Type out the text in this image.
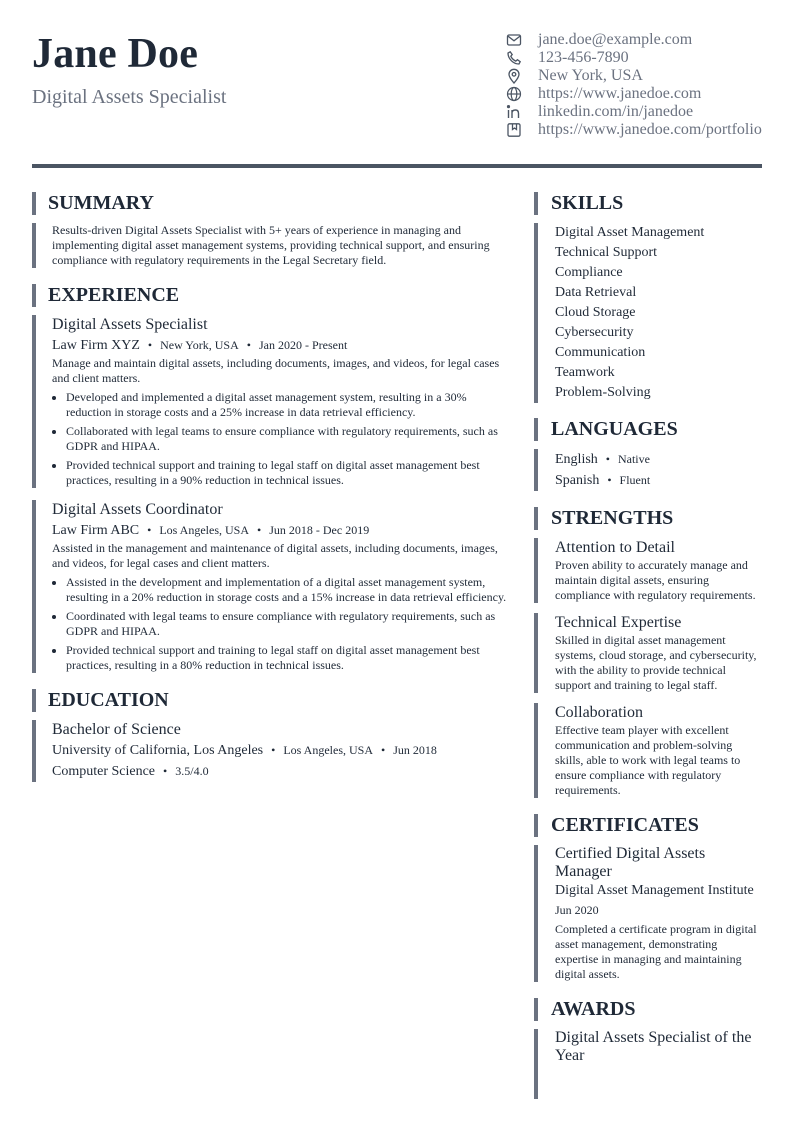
Jane Doe
Digital Assets Specialist
jane.doe@example.com
123-456-7890
New York, USA
https://www.janedoe.com
linkedin.com/in/janedoe
https://www.janedoe.com/portfolio
SUMMARY
Results-driven Digital Assets Specialist with 5+ years of experience in managing and implementing digital asset management systems, providing technical support, and ensuring compliance with regulatory requirements in the Legal Secretary field.
EXPERIENCE
Digital Assets Specialist
Law Firm XYZ • New York, USA • Jan 2020 - Present
Manage and maintain digital assets, including documents, images, and videos, for legal cases and client matters.
• Developed and implemented a digital asset management system, resulting in a 30% reduction in storage costs and a 25% increase in data retrieval efficiency.
• Collaborated with legal teams to ensure compliance with regulatory requirements, such as GDPR and HIPAA.
• Provided technical support and training to legal staff on digital asset management best practices, resulting in a 90% reduction in technical issues.
Digital Assets Coordinator
Law Firm ABC • Los Angeles, USA • Jun 2018 - Dec 2019
Assisted in the management and maintenance of digital assets, including documents, images, and videos, for legal cases and client matters.
• Assisted in the development and implementation of a digital asset management system, resulting in a 20% reduction in storage costs and a 15% increase in data retrieval efficiency.
• Coordinated with legal teams to ensure compliance with regulatory requirements, such as GDPR and HIPAA.
• Provided technical support and training to legal staff on digital asset management best practices, resulting in a 80% reduction in technical issues.
EDUCATION
Bachelor of Science
University of California, Los Angeles • Los Angeles, USA • Jun 2018
Computer Science • 3.5/4.0
SKILLS
Digital Asset Management
Technical Support
Compliance
Data Retrieval
Cloud Storage
Cybersecurity
Communication
Teamwork
Problem-Solving
LANGUAGES
English • Native
Spanish • Fluent
STRENGTHS
Attention to Detail
Proven ability to accurately manage and maintain digital assets, ensuring compliance with regulatory requirements.
Technical Expertise
Skilled in digital asset management systems, cloud storage, and cybersecurity, with the ability to provide technical support and training to legal staff.
Collaboration
Effective team player with excellent communication and problem-solving skills, able to work with legal teams to ensure compliance with regulatory requirements.
CERTIFICATES
Certified Digital Assets Manager
Digital Asset Management Institute
Jun 2020
Completed a certificate program in digital asset management, demonstrating expertise in managing and maintaining digital assets.
AWARDS
Digital Assets Specialist of the Year
